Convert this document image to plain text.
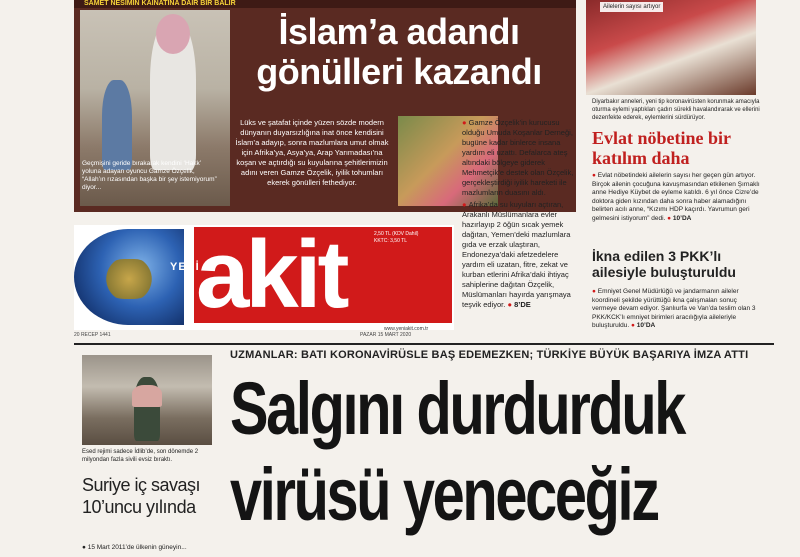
SAMET NESİMİN KAİNATINA DAİR BİR BALIR
İslam’a adandı
gönülleri kazandı
Geçmişini geride bırakarak kendini ‘Hakk’ yoluna adayan oyuncu Gamze Özçelik, “Allah’ın rızasından başka bir şey istemiyorum” diyor...
Lüks ve şatafat içinde yüzen sözde modern dünyanın duyarsızlığına inat önce kendisini İslam’a adayıp, sonra mazlumlara umut olmak için Afrika’ya, Asya’ya, Arap Yarımadası’na koşan ve açtırdığı su kuyularına şehitlerimizin adını veren Gamze Özçelik, iyilik tohumları ekerek gönülleri fethediyor.

● Gamze Özçelik’in kurucusu olduğu Umuda Koşanlar Derneği, bugüne kadar binlerce insana yardım eli uzattı. Defalarca ateş altındaki bölgeye giderek Mehmetçik’e destek olan Özçelik, gerçekleştirdiği iyilik hareketi ile mazlumların duasını aldı.

● Afrika’da su kuyuları açtıran, Arakanlı Müslümanlara evler hazırlayıp 2 öğün sıcak yemek dağıtan, Yemen’deki mazlumlara gıda ve erzak ulaştıran, Endonezya’daki afetzedelere yardım eli uzatan, fitre, zekat ve kurban etlerini Afrika’daki ihtiyaç sahiplerine dağıtan Özçelik, Müslümanları hayırda yarışmaya teşvik ediyor. ● 8’DE

YENİ
akit	2,50 TL (KDV Dahil)
KKTC: 3,50 TL
www.yeniakit.com.tr
20 RECEP 1441	PAZAR 15 MART 2020
Ailelerin sayısı artıyor
Diyarbakır anneleri, yeni tip koronavirüsten korunmak amacıyla oturma eylemi yaptıkları çadırı sürekli havalandırarak ve ellerini dezenfekte ederek, eylemlerini sürdürüyor.
Evlat nöbetine bir katılım daha
● Evlat nöbetindeki ailelerin sayısı her geçen gün artıyor. Birçok ailenin çocuğuna kavuşmasından etkilenen Şırnaklı anne Hediye Küybet de eyleme katıldı. 6 yıl önce Cizre’de doktora giden kızından daha sonra haber alamadığını belirten acılı anne, “Kızımı HDP kaçırdı. Yavrumun geri gelmesini istiyorum” dedi. ● 10’DA
İkna edilen 3 PKK’lı ailesiyle buluşturuldu
● Emniyet Genel Müdürlüğü ve jandarmanın aileler koordineli şekilde yürüttüğü ikna çalışmaları sonuç vermeye devam ediyor. Şanlıurfa ve Van’da teslim olan 3 PKK/KCK’lı emniyet birimleri aracılığıyla aileleriyle buluşturuldu. ● 10’DA
UZMANLAR: BATI KORONAVİRÜSLE BAŞ EDEMEZKEN; TÜRKİYE BÜYÜK BAŞARIYA İMZA ATTI
Salgını durdurduk
virüsü yeneceğiz
Esed rejimi sadece İdlib’de, son dönemde 2 milyondan fazla sivili evsiz bıraktı.
Suriye iç savaşı
10’uncu yılında
● 15 Mart 2011’de ülkenin güneyin...
